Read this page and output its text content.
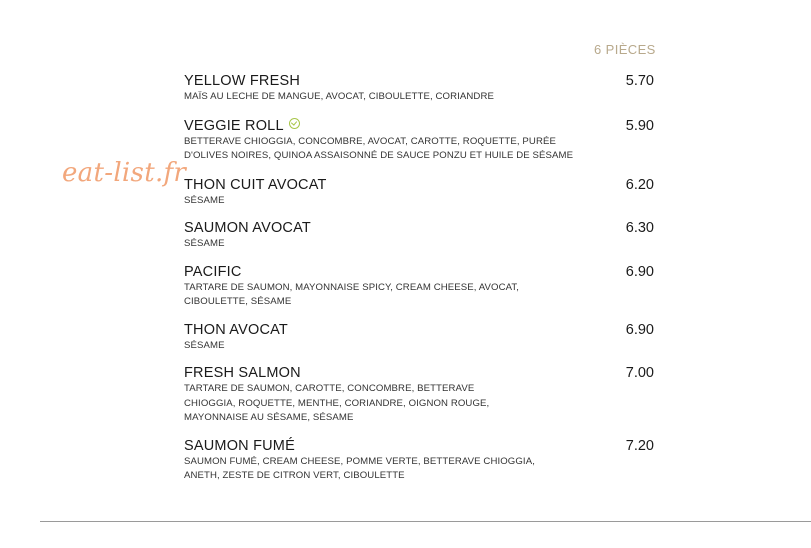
6 PIÈCES
eat-list.fr
YELLOW FRESH
MAÏS AU LECHE DE MANGUE, AVOCAT, CIBOULETTE, CORIANDRE
5.70
VEGGIE ROLL
BETTERAVE CHIOGGIA, CONCOMBRE, AVOCAT, CAROTTE, ROQUETTE, PURÉE
D'OLIVES NOIRES, QUINOA ASSAISONNÉ DE SAUCE PONZU ET HUILE DE SÉSAME
5.90
THON CUIT AVOCAT
SÉSAME
6.20
SAUMON AVOCAT
SÉSAME
6.30
PACIFIC
TARTARE DE SAUMON, MAYONNAISE SPICY, CREAM CHEESE, AVOCAT,
CIBOULETTE, SÉSAME
6.90
THON AVOCAT
SÉSAME
6.90
FRESH SALMON
TARTARE DE SAUMON, CAROTTE, CONCOMBRE, BETTERAVE
CHIOGGIA, ROQUETTE, MENTHE, CORIANDRE, OIGNON ROUGE,
MAYONNAISE AU SÉSAME, SÉSAME
7.00
SAUMON FUMÉ
SAUMON FUMÉ, CREAM CHEESE, POMME VERTE, BETTERAVE CHIOGGIA,
ANETH, ZESTE DE CITRON VERT, CIBOULETTE
7.20
